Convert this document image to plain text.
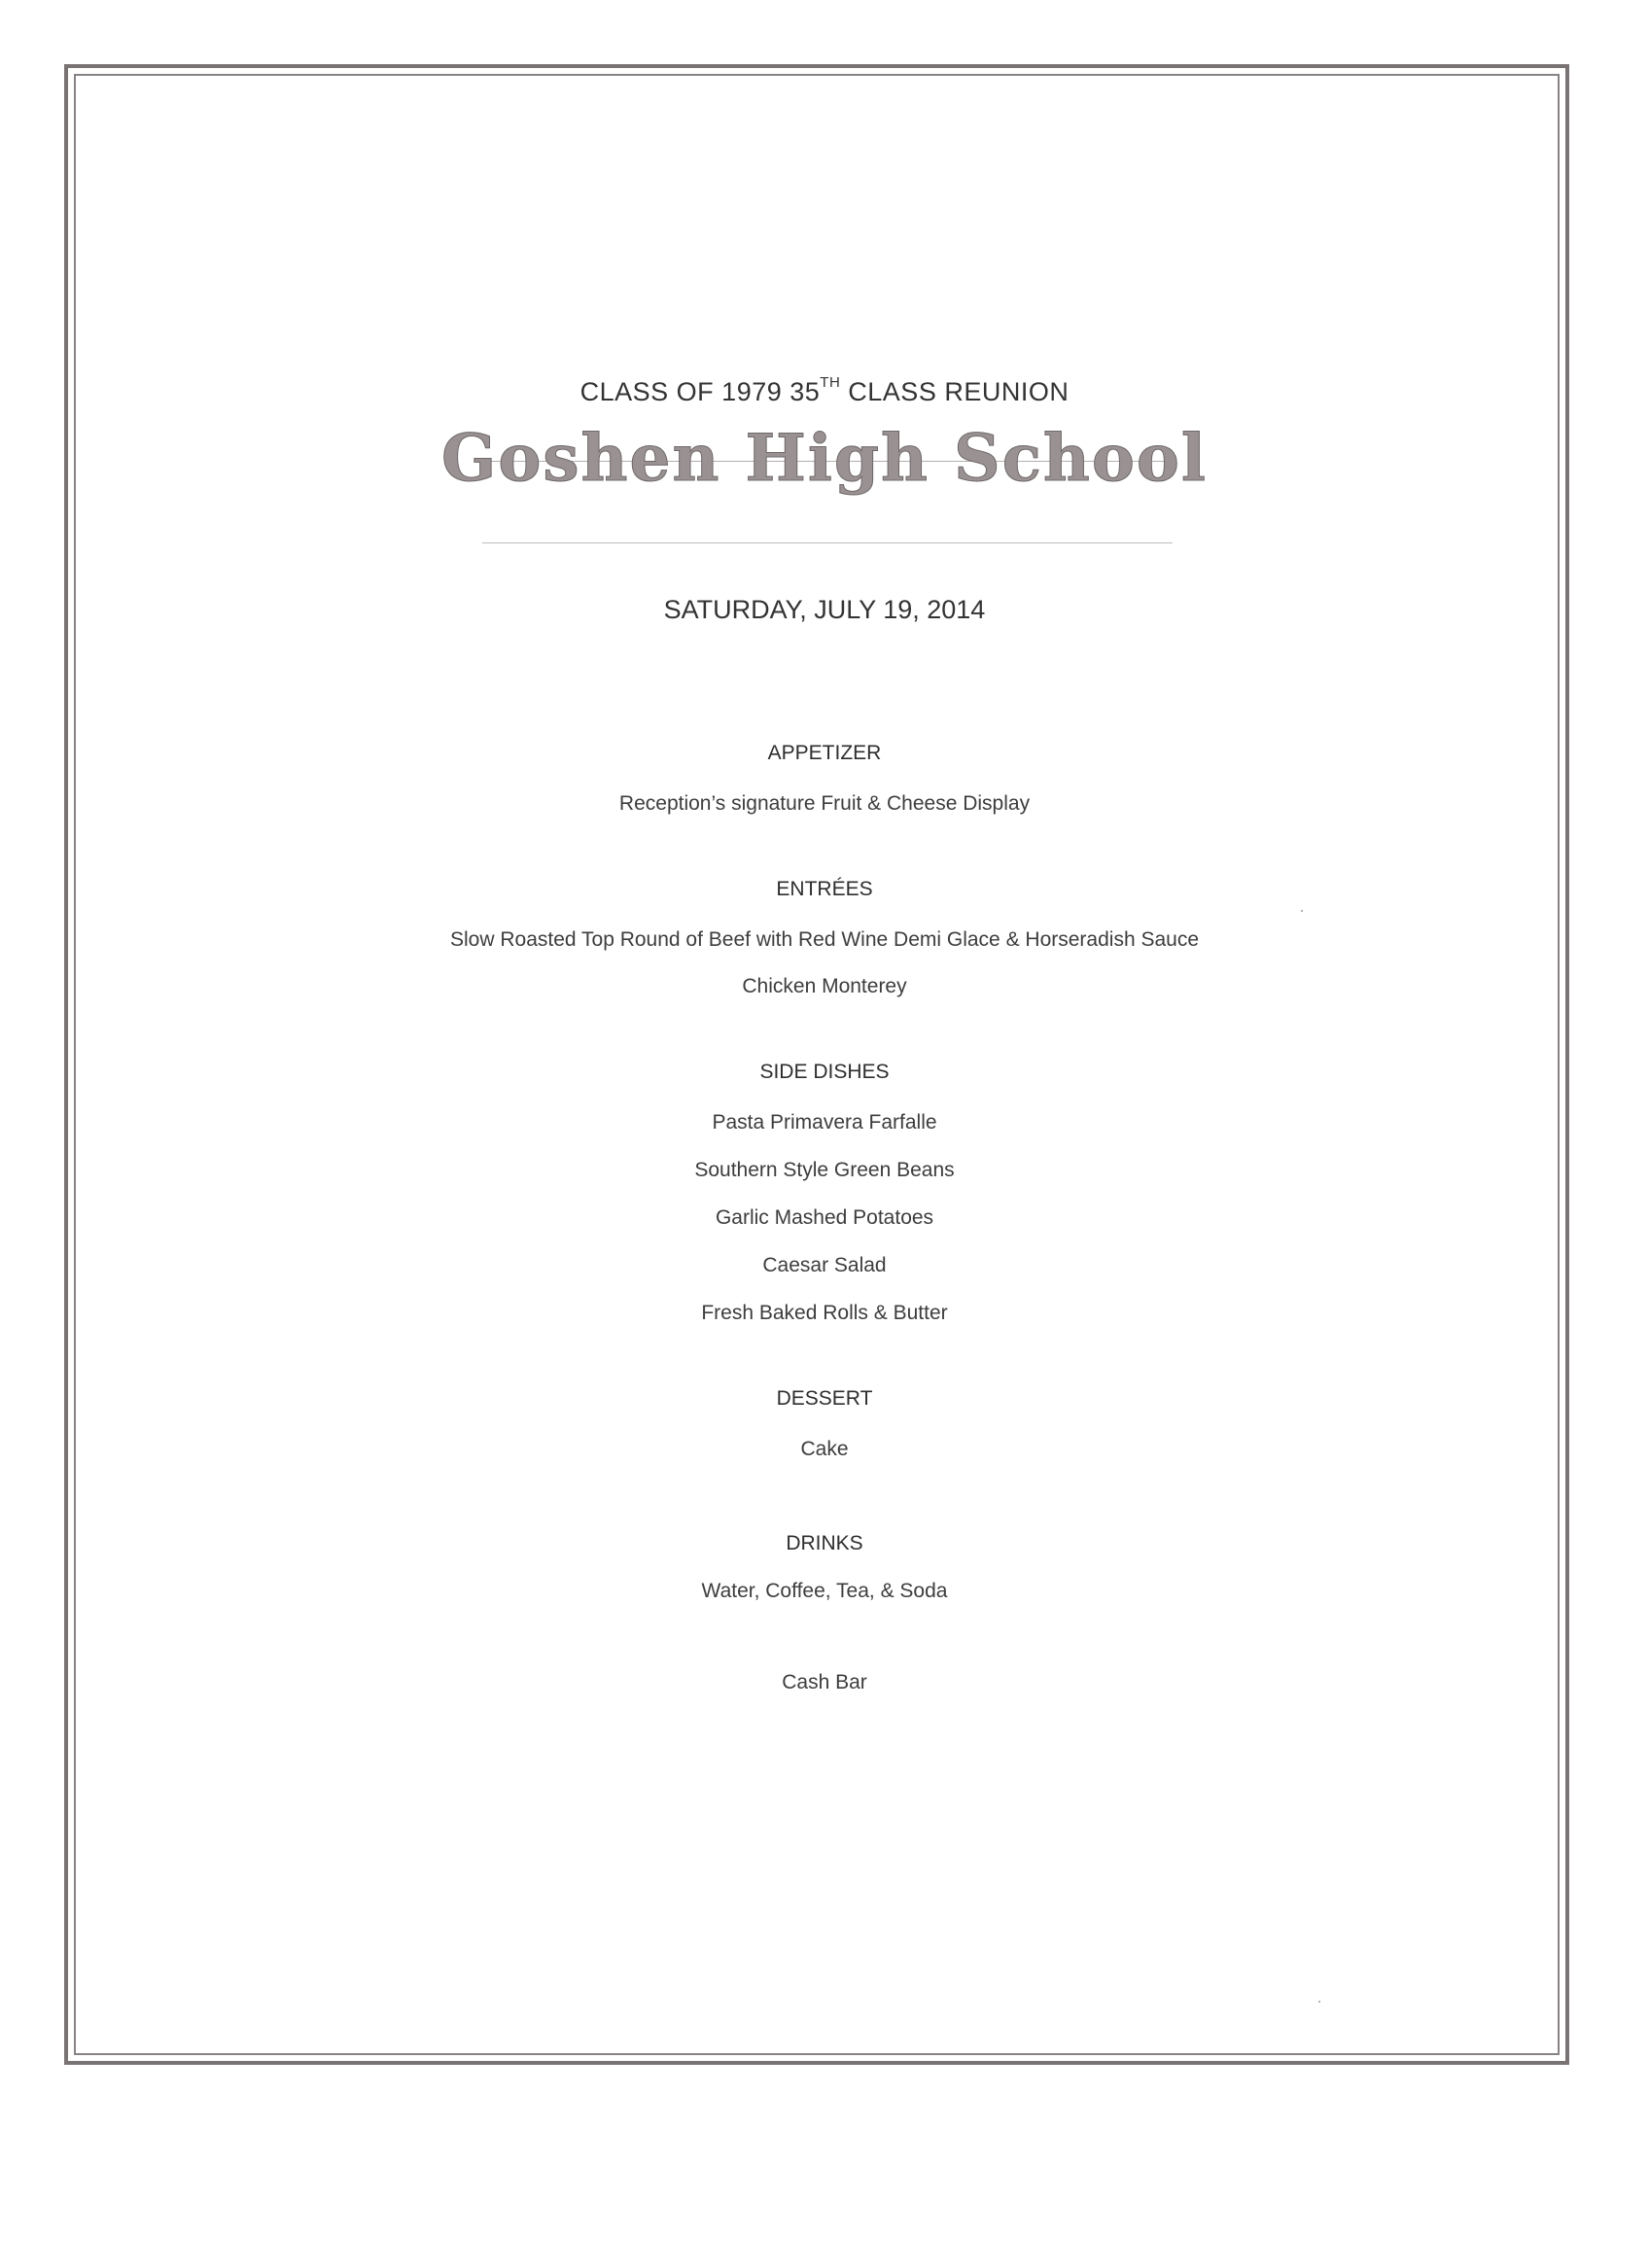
CLASS OF 1979 35TH CLASS REUNION
Goshen High School
SATURDAY, JULY 19, 2014
APPETIZER
Reception’s signature Fruit & Cheese Display
ENTRÉES
Slow Roasted Top Round of Beef with Red Wine Demi Glace & Horseradish Sauce
Chicken Monterey
SIDE DISHES
Pasta Primavera Farfalle
Southern Style Green Beans
Garlic Mashed Potatoes
Caesar Salad
Fresh Baked Rolls & Butter
DESSERT
Cake
DRINKS
Water, Coffee, Tea, & Soda
Cash Bar
